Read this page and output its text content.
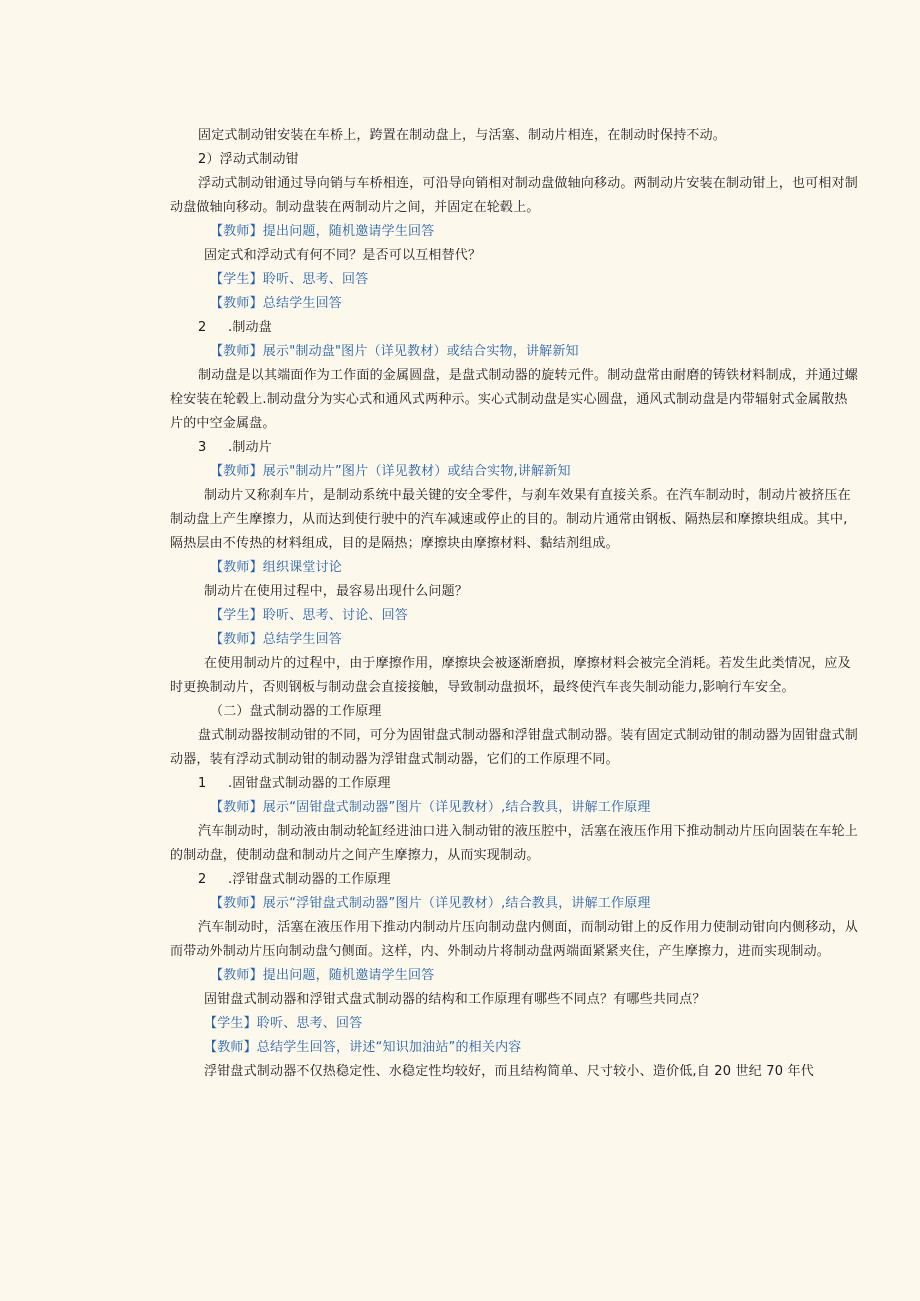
固定式制动钳安装在车桥上，跨置在制动盘上，与活塞、制动片相连，在制动时保持不动。
2）浮动式制动钳
浮动式制动钳通过导向销与车桥相连，可沿导向销相对制动盘做轴向移动。两制动片安装在制动钳上，也可相对制
动盘做轴向移动。制动盘装在两制动片之间，并固定在轮毂上。
【教师】提出问题，随机邀请学生回答
固定式和浮动式有何不同？是否可以互相替代？
【学生】聆听、思考、回答
【教师】总结学生回答
2 .制动盘
【教师】展示"制动盘"图片（详见教材）或结合实物，讲解新知
制动盘是以其端面作为工作面的金属圆盘，是盘式制动器的旋转元件。制动盘常由耐磨的铸铁材料制成，并通过螺
栓安装在轮毂上.制动盘分为实心式和通风式两种示。实心式制动盘是实心圆盘，通风式制动盘是内带辐射式金属散热
片的中空金属盘。
3 .制动片
【教师】展示"制动片”图片（详见教材）或结合实物,讲解新知
制动片又称刹车片，是制动系统中最关键的安全零件，与刹车效果有直接关系。在汽车制动时，制动片被挤压在
制动盘上产生摩擦力，从而达到使行驶中的汽车减速或停止的目的。制动片通常由钢板、隔热层和摩擦块组成。其中,
隔热层由不传热的材料组成，目的是隔热；摩擦块由摩擦材料、黏结剂组成。
【教师】组织课堂讨论
制动片在使用过程中，最容易出现什么问题？
【学生】聆听、思考、讨论、回答
【教师】总结学生回答
在使用制动片的过程中，由于摩擦作用，摩擦块会被逐渐磨损，摩擦材料会被完全消耗。若发生此类情况，应及
时更换制动片，否则钢板与制动盘会直接接触，导致制动盘损坏，最终使汽车丧失制动能力,影响行车安全。
（二）盘式制动器的工作原理
盘式制动器按制动钳的不同，可分为固钳盘式制动器和浮钳盘式制动器。装有固定式制动钳的制动器为固钳盘式制
动器，装有浮动式制动钳的制动器为浮钳盘式制动器，它们的工作原理不同。
1 .固钳盘式制动器的工作原理
【教师】展示“固钳盘式制动器”图片（详见教材）,结合教具，讲解工作原理
汽车制动时，制动液由制动轮缸经进油口进入制动钳的液压腔中，活塞在液压作用下推动制动片压向固装在车轮上
的制动盘，使制动盘和制动片之间产生摩擦力，从而实现制动。
2 .浮钳盘式制动器的工作原理
【教师】展示“浮钳盘式制动器”图片（详见教材）,结合教具，讲解工作原理
汽车制动时，活塞在液压作用下推动内制动片压向制动盘内侧面，而制动钳上的反作用力使制动钳向内侧移动，从
而带动外制动片压向制动盘勺侧面。这样，内、外制动片将制动盘两端面紧紧夹住，产生摩擦力，进而实现制动。
【教师】提出问题，随机邀请学生回答
固钳盘式制动器和浮钳式盘式制动器的结构和工作原理有哪些不同点？有哪些共同点？
【学生】聆听、思考、回答
【教师】总结学生回答，讲述“知识加油站”的相关内容
浮钳盘式制动器不仅热稳定性、水稳定性均较好，而且结构简单、尺寸较小、造价低,自 20 世纪 70 年代
